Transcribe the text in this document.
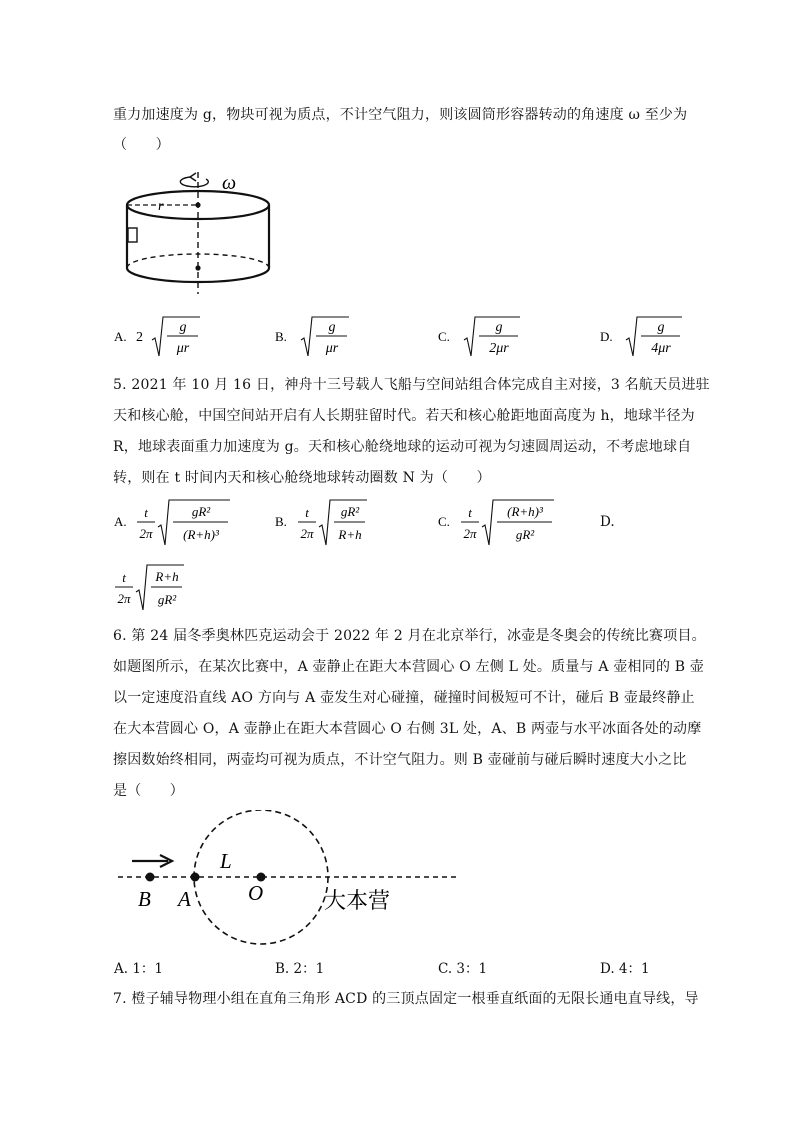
重力加速度为 g，物块可视为质点，不计空气阻力，则该圆筒形容器转动的角速度 ω 至少为
（　　）
ω
r
A. 2
g
μr
B.
g
μr
C.
g
2μr
D.
g
4μr
5. 2021 年 10 月 16 日，神舟十三号载人飞船与空间站组合体完成自主对接，3 名航天员进驻
天和核心舱，中国空间站开启有人长期驻留时代。若天和核心舱距地面高度为 h，地球半径为
R，地球表面重力加速度为 g。天和核心舱绕地球的运动可视为匀速圆周运动，不考虑地球自
转，则在 t 时间内天和核心舱绕地球转动圈数 N 为（　　）
A.
t
2π
gR²
(R+h)³
B.
t
2π
gR²
R+h
C.
t
2π
(R+h)³
gR²
t
2π
R+h
gR²
D.
6. 第 24 届冬季奥林匹克运动会于 2022 年 2 月在北京举行，冰壶是冬奥会的传统比赛项目。
如题图所示，在某次比赛中，A 壶静止在距大本营圆心 O 左侧 L 处。质量与 A 壶相同的 B 壶
以一定速度沿直线 AO 方向与 A 壶发生对心碰撞，碰撞时间极短可不计，碰后 B 壶最终静止
在大本营圆心 O，A 壶静止在距大本营圆心 O 右侧 3L 处，A、B 两壶与水平冰面各处的动摩
擦因数始终相同，两壶均可视为质点，不计空气阻力。则 B 壶碰前与碰后瞬时速度大小之比
是（　　）
B A	O
L
大本营
A. 1：1	B. 2：1	C. 3：1	D. 4：1
7. 橙子辅导物理小组在直角三角形 ACD 的三顶点固定一根垂直纸面的无限长通电直导线，导
